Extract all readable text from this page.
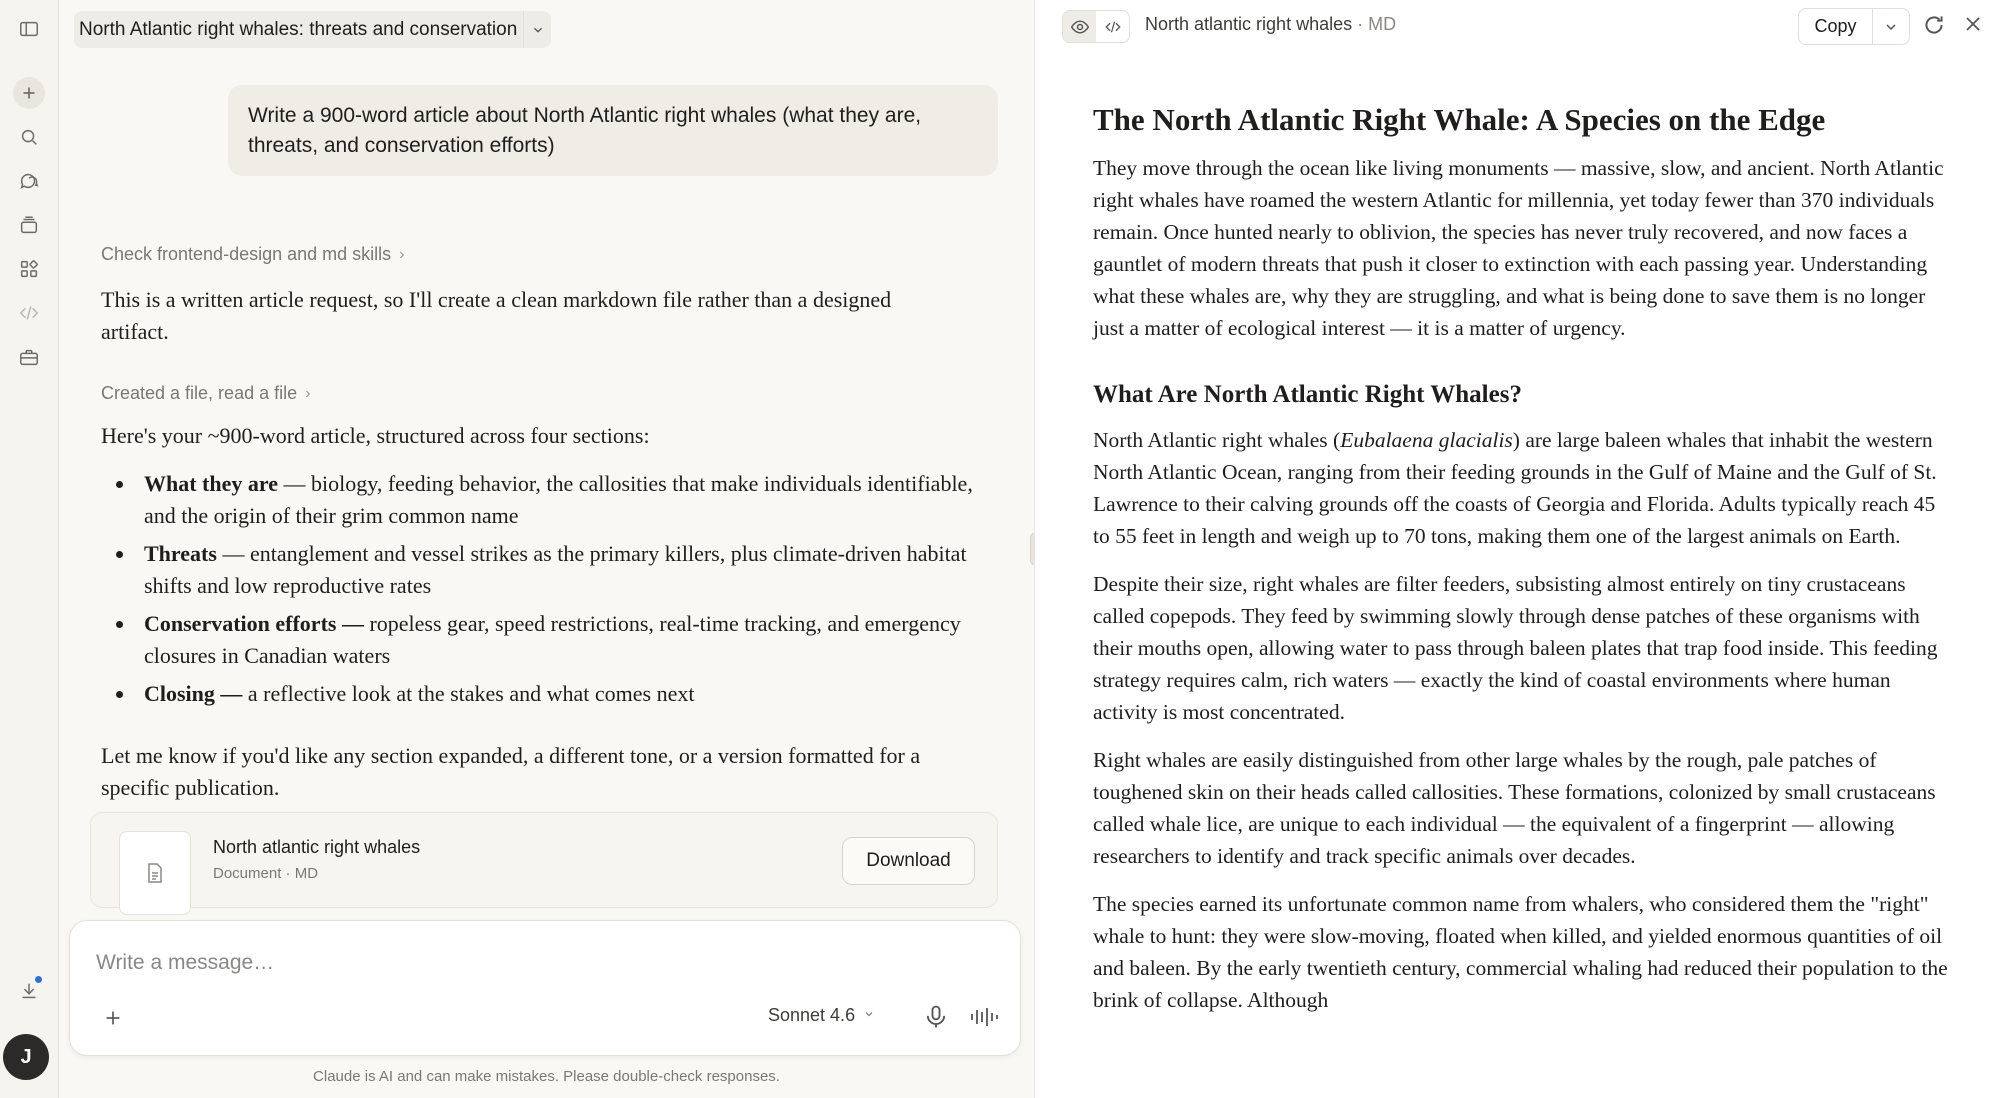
J
North Atlantic right whales: threats and conservation
Write a 900-word article about North Atlantic right whales (what they are, threats, and conservation efforts)
Check frontend-design and md skills ›
This is a written article request, so I'll create a clean markdown file rather than a designed artifact.
Created a file, read a file ›
Here's your ~900-word article, structured across four sections:
What they are — biology, feeding behavior, the callosities that make individuals identifiable, and the origin of their grim common name
Threats — entanglement and vessel strikes as the primary killers, plus climate-driven habitat shifts and low reproductive rates
Conservation efforts — ropeless gear, speed restrictions, real-time tracking, and emergency closures in Canadian waters
Closing — a reflective look at the stakes and what comes next
Let me know if you'd like any section expanded, a different tone, or a version formatted for a specific publication.
North atlantic right whales
Document · MD
Download
Write a message…
Sonnet 4.6
Claude is AI and can make mistakes. Please double-check responses.
North atlantic right whales · MD	Copy
The North Atlantic Right Whale: A Species on the Edge

They move through the ocean like living monuments — massive, slow, and ancient. North Atlantic right whales have roamed the western Atlantic for millennia, yet today fewer than 370 individuals remain. Once hunted nearly to oblivion, the species has never truly recovered, and now faces a gauntlet of modern threats that push it closer to extinction with each passing year. Understanding what these whales are, why they are struggling, and what is being done to save them is no longer just a matter of ecological interest — it is a matter of urgency.

What Are North Atlantic Right Whales?

North Atlantic right whales (Eubalaena glacialis) are large baleen whales that inhabit the western North Atlantic Ocean, ranging from their feeding grounds in the Gulf of Maine and the Gulf of St. Lawrence to their calving grounds off the coasts of Georgia and Florida. Adults typically reach 45 to 55 feet in length and weigh up to 70 tons, making them one of the largest animals on Earth.

Despite their size, right whales are filter feeders, subsisting almost entirely on tiny crustaceans called copepods. They feed by swimming slowly through dense patches of these organisms with their mouths open, allowing water to pass through baleen plates that trap food inside. This feeding strategy requires calm, rich waters — exactly the kind of coastal environments where human activity is most concentrated.

Right whales are easily distinguished from other large whales by the rough, pale patches of toughened skin on their heads called callosities. These formations, colonized by small crustaceans called whale lice, are unique to each individual — the equivalent of a fingerprint — allowing researchers to identify and track specific animals over decades.

The species earned its unfortunate common name from whalers, who considered them the "right" whale to hunt: they were slow-moving, floated when killed, and yielded enormous quantities of oil and baleen. By the early twentieth century, commercial whaling had reduced their population to the brink of collapse. Although
